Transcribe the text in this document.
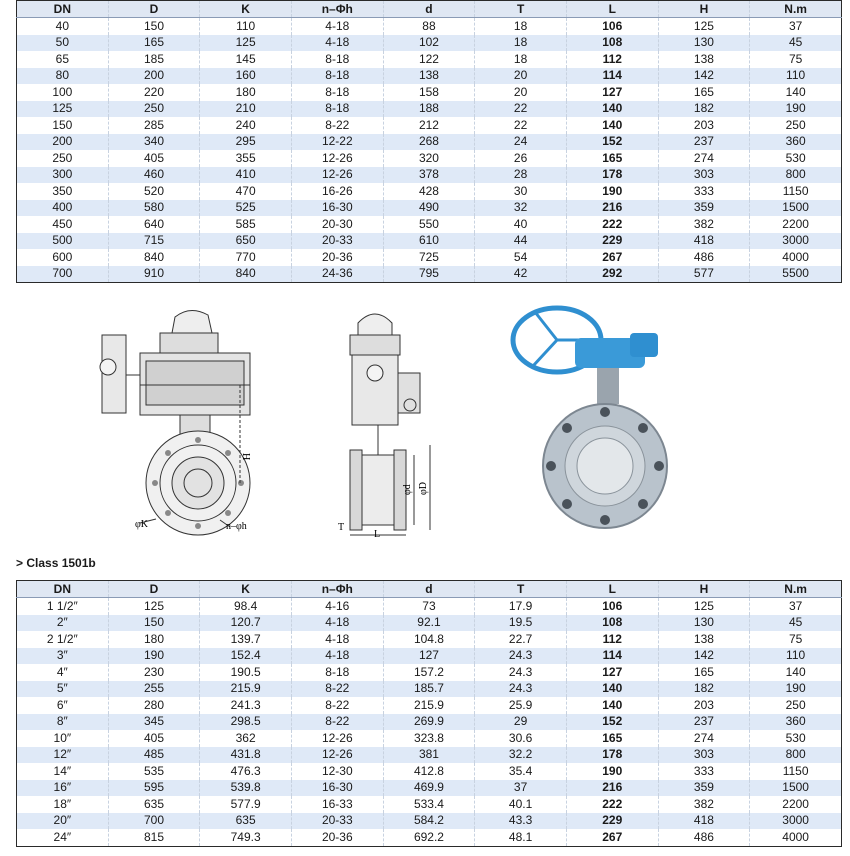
DN	D	K	n–Φh	d	T	L	H	N.m
40	150	110	4-18	88	18	106	125	37
50	165	125	4-18	102	18	108	130	45
65	185	145	8-18	122	18	112	138	75
80	200	160	8-18	138	20	114	142	110
100	220	180	8-18	158	20	127	165	140
125	250	210	8-18	188	22	140	182	190
150	285	240	8-22	212	22	140	203	250
200	340	295	12-22	268	24	152	237	360
250	405	355	12-26	320	26	165	274	530
300	460	410	12-26	378	28	178	303	800
350	520	470	16-26	428	30	190	333	1150
400	580	525	16-30	490	32	216	359	1500
450	640	585	20-30	550	40	222	382	2200
500	715	650	20-33	610	44	229	418	3000
600	840	770	20-36	725	54	267	486	4000
700	910	840	24-36	795	42	292	577	5500
φK	n–φh
H
φd φD
T
L
> Class 1501b
DN	D	K	n–Φh	d	T	L	H	N.m
1 1/2″	125	98.4	4-16	73	17.9	106	125	37
2″	150	120.7	4-18	92.1	19.5	108	130	45
2 1/2″	180	139.7	4-18	104.8	22.7	112	138	75
3″	190	152.4	4-18	127	24.3	114	142	110
4″	230	190.5	8-18	157.2	24.3	127	165	140
5″	255	215.9	8-22	185.7	24.3	140	182	190
6″	280	241.3	8-22	215.9	25.9	140	203	250
8″	345	298.5	8-22	269.9	29	152	237	360
10″	405	362	12-26	323.8	30.6	165	274	530
12″	485	431.8	12-26	381	32.2	178	303	800
14″	535	476.3	12-30	412.8	35.4	190	333	1150
16″	595	539.8	16-30	469.9	37	216	359	1500
18″	635	577.9	16-33	533.4	40.1	222	382	2200
20″	700	635	20-33	584.2	43.3	229	418	3000
24″	815	749.3	20-36	692.2	48.1	267	486	4000
